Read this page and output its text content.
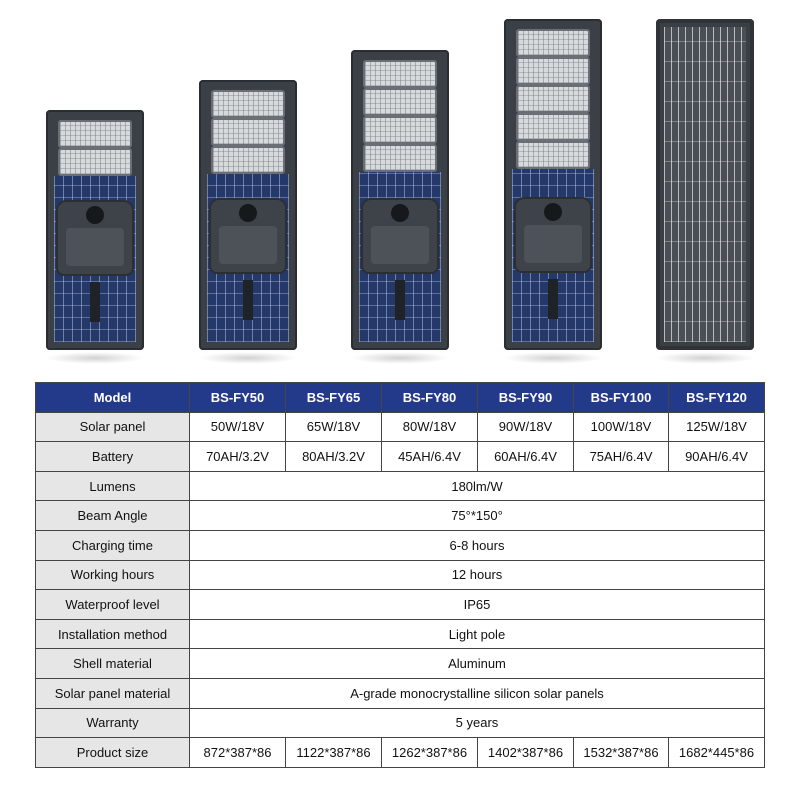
Model	BS-FY50	BS-FY65	BS-FY80	BS-FY90	BS-FY100	BS-FY120
Solar panel	50W/18V	65W/18V	80W/18V	90W/18V	100W/18V	125W/18V
Battery	70AH/3.2V	80AH/3.2V	45AH/6.4V	60AH/6.4V	75AH/6.4V	90AH/6.4V
Lumens	180lm/W					
Beam Angle	75°*150°					
Charging time	6-8 hours					
Working hours	12 hours					
Waterproof level	IP65					
Installation method	Light pole					
Shell material	Aluminum					
Solar panel material	A-grade monocrystalline silicon solar panels					
Warranty	5 years					
Product size	872*387*86	1122*387*86	1262*387*86	1402*387*86	1532*387*86	1682*445*86
